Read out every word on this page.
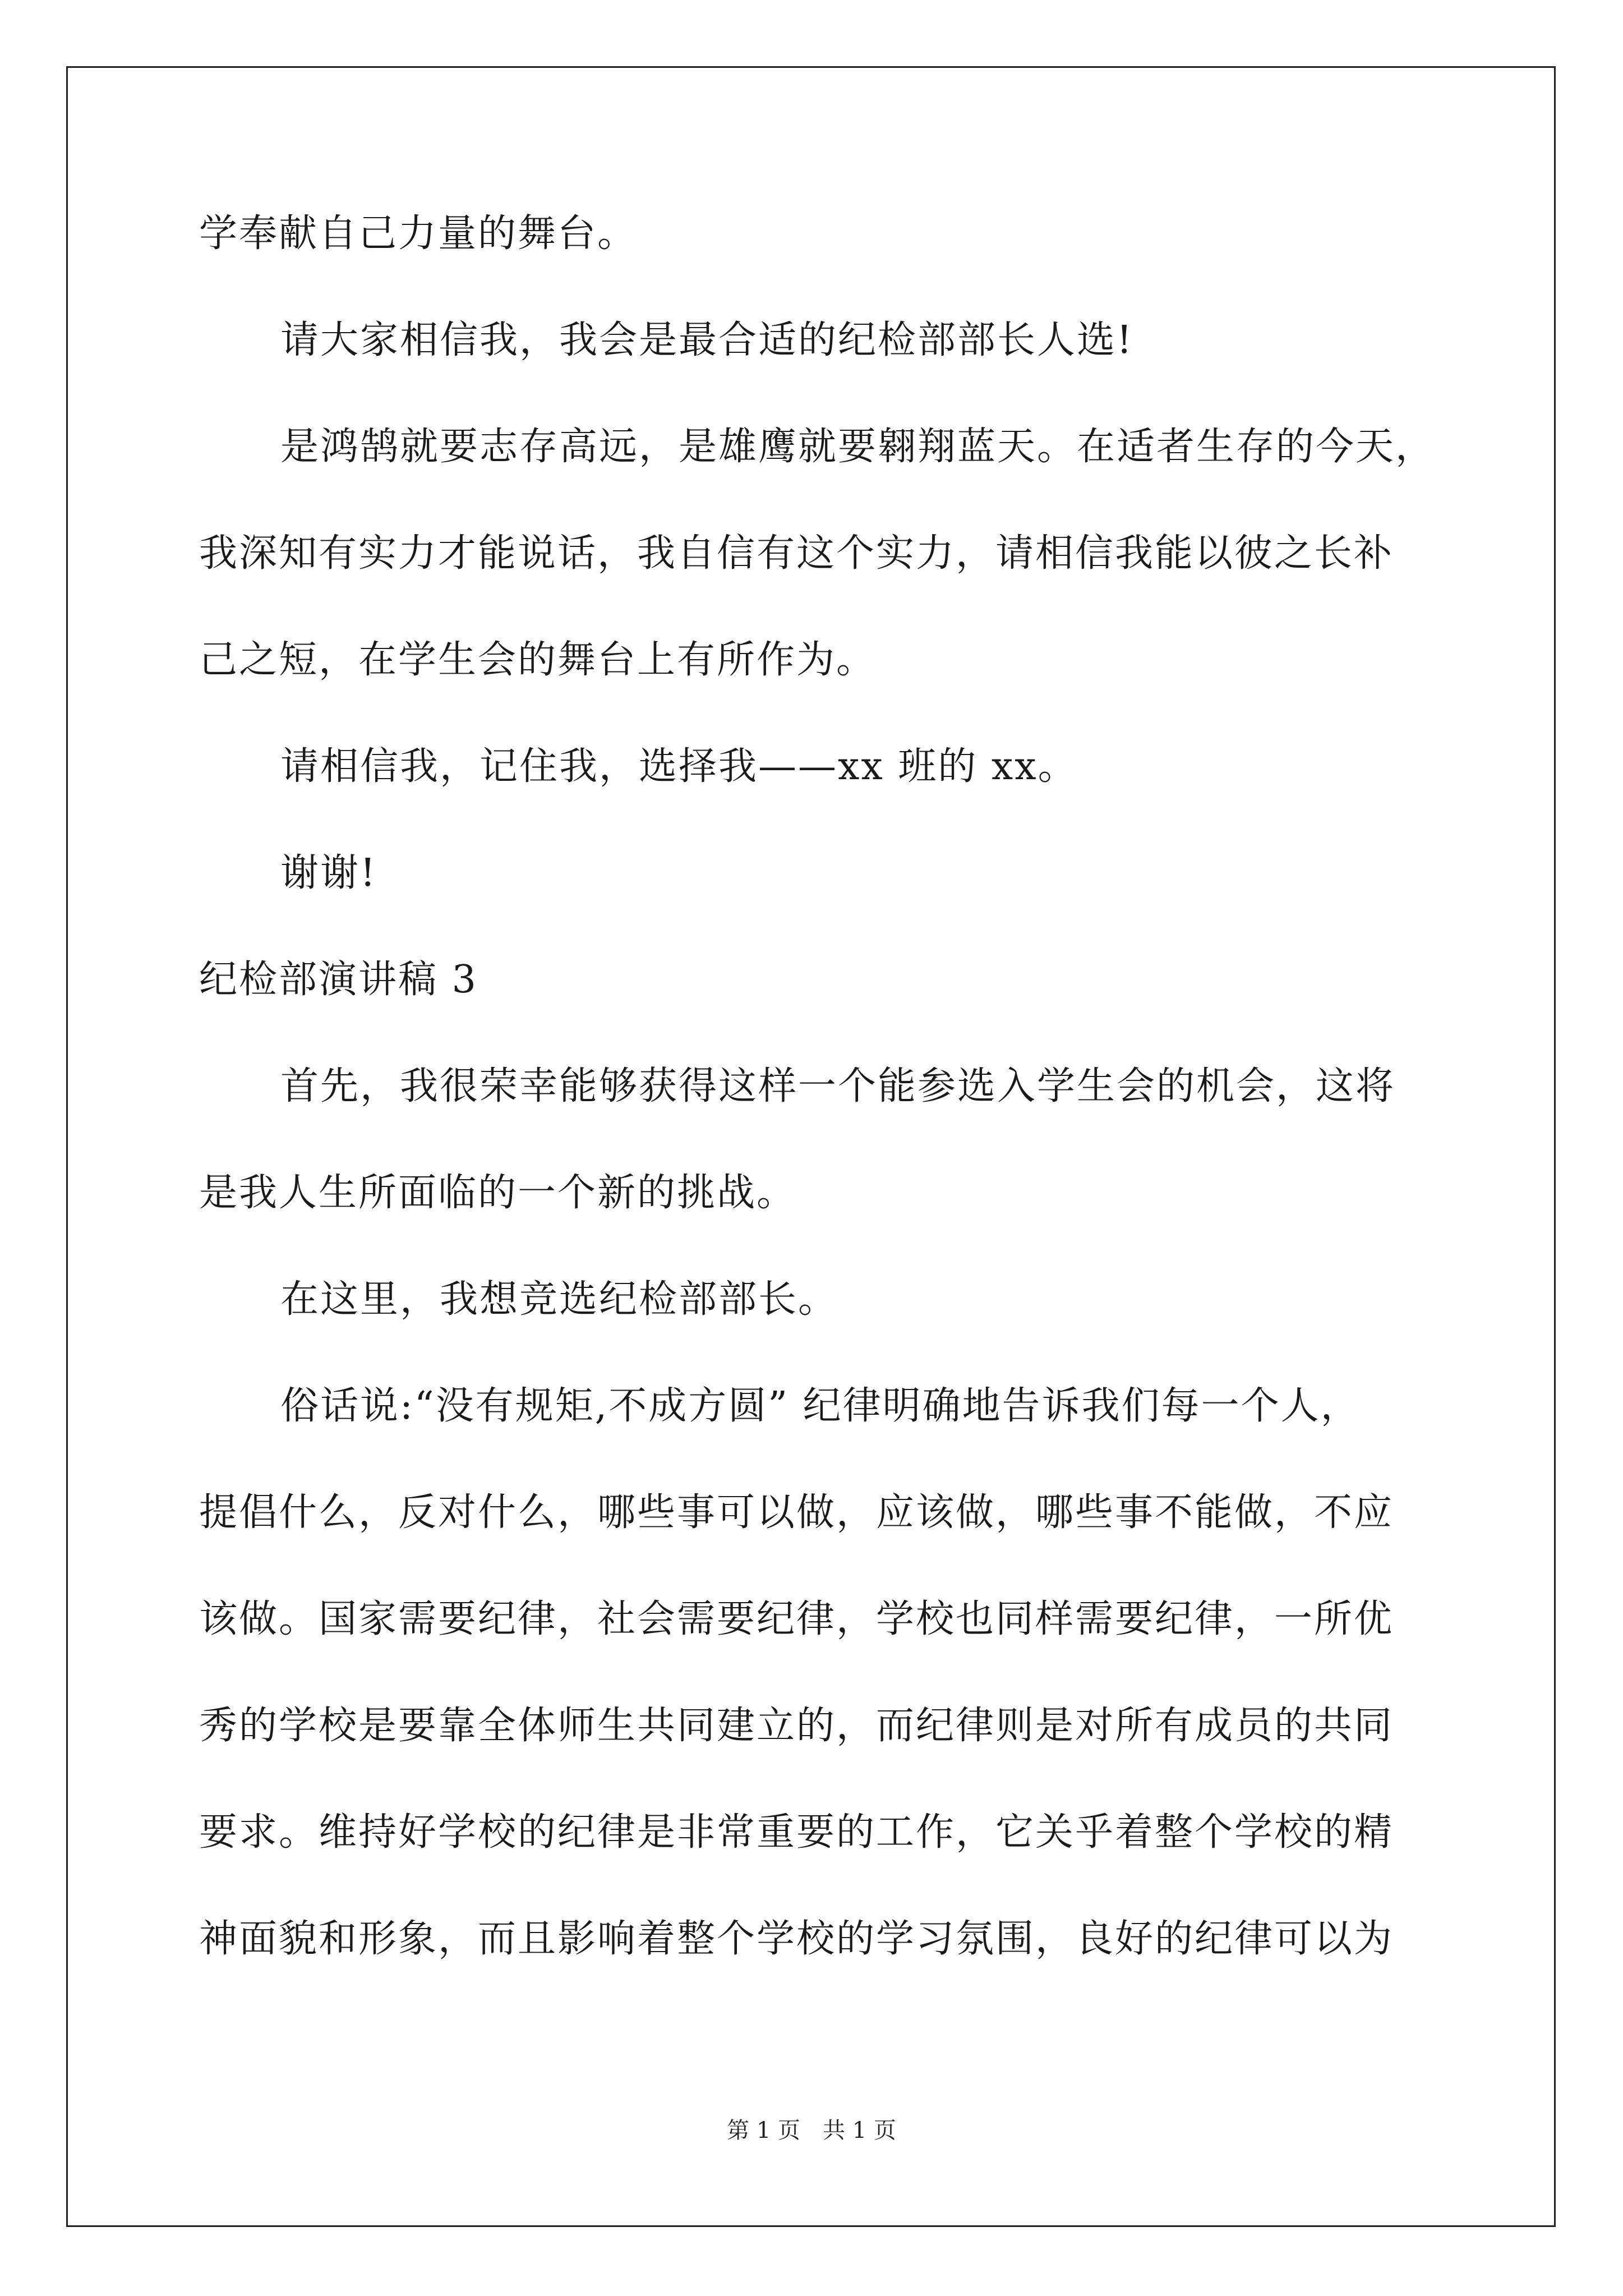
学奉献自己力量的舞台。
请大家相信我，我会是最合适的纪检部部长人选!
是鸿鹄就要志存高远，是雄鹰就要翱翔蓝天。在适者生存的今天，
我深知有实力才能说话，我自信有这个实力，请相信我能以彼之长补
己之短，在学生会的舞台上有所作为。
请相信我，记住我，选择我——xx 班的 xx。
谢谢!
纪检部演讲稿 3
首先，我很荣幸能够获得这样一个能参选入学生会的机会，这将
是我人生所面临的一个新的挑战。
在这里，我想竞选纪检部部长。
俗话说:“没有规矩,不成方圆” 纪律明确地告诉我们每一个人，
提倡什么，反对什么，哪些事可以做，应该做，哪些事不能做，不应
该做。国家需要纪律，社会需要纪律，学校也同样需要纪律，一所优
秀的学校是要靠全体师生共同建立的，而纪律则是对所有成员的共同
要求。维持好学校的纪律是非常重要的工作，它关乎着整个学校的精
神面貌和形象，而且影响着整个学校的学习氛围，良好的纪律可以为
第 1 页　共 1 页
